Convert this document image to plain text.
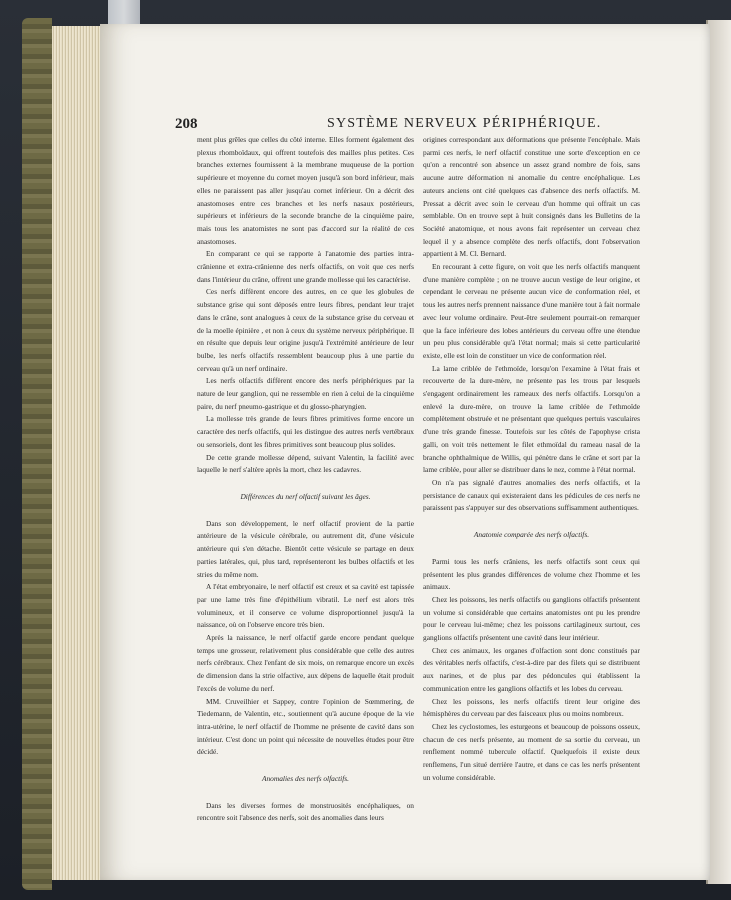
208	SYSTÈME NERVEUX PÉRIPHÉRIQUE.

ment plus grêles que celles du côté interne. Elles forment également des plexus rhomboïdaux, qui offrent toutefois des mailles plus petites. Ces branches externes fournissent à la membrane muqueuse de la portion supérieure et moyenne du cornet moyen jusqu'à son bord inférieur, mais elles ne paraissent pas aller jusqu'au cornet inférieur. On a décrit des anastomoses entre ces branches et les nerfs nasaux postérieurs, supérieurs et inférieurs de la seconde branche de la cinquième paire, mais tous les anatomistes ne sont pas d'accord sur la réalité de ces anastomoses.

En comparant ce qui se rapporte à l'anatomie des parties intra-crânienne et extra-crânienne des nerfs olfactifs, on voit que ces nerfs dans l'intérieur du crâne, offrent une grande mollesse qui les caractérise.

Ces nerfs diffèrent encore des autres, en ce que les globules de substance grise qui sont déposés entre leurs fibres, pendant leur trajet dans le crâne, sont analogues à ceux de la substance grise du cerveau et de la moelle épinière , et non à ceux du système nerveux périphérique. Il en résulte que depuis leur origine jusqu'à l'extrémité antérieure de leur bulbe, les nerfs olfactifs ressemblent beaucoup plus à une partie du cerveau qu'à un nerf ordinaire.

Les nerfs olfactifs diffèrent encore des nerfs périphériques par la nature de leur ganglion, qui ne ressemble en rien à celui de la cinquième paire, du nerf pneumo-gastrique et du glosso-pharyngien.

La mollesse très grande de leurs fibres primitives forme encore un caractère des nerfs olfactifs, qui les distingue des autres nerfs vertébraux ou sensoriels, dont les fibres primitives sont beaucoup plus solides.

De cette grande mollesse dépend, suivant Valentin, la facilité avec laquelle le nerf s'altère après la mort, chez les cadavres.

Différences du nerf olfactif suivant les âges.

Dans son développement, le nerf olfactif provient de la partie antérieure de la vésicule cérébrale, ou autrement dit, d'une vésicule antérieure qui s'en détache. Bientôt cette vésicule se partage en deux parties latérales, qui, plus tard, représenteront les bulbes olfactifs et les stries du même nom.

A l'état embryonaire, le nerf olfactif est creux et sa cavité est tapissée par une lame très fine d'épithélium vibratil. Le nerf est alors très volumineux, et il conserve ce volume disproportionnel jusqu'à la naissance, où on l'observe encore très bien.

Après la naissance, le nerf olfactif garde encore pendant quelque temps une grosseur, relativement plus considérable que celle des autres nerfs cérébraux. Chez l'enfant de six mois, on remarque encore un excès de dimension dans la strie olfactive, aux dépens de laquelle était produit l'excès de volume du nerf.

MM. Cruveilhier et Sappey, contre l'opinion de Sœmmering, de Tiedemann, de Valentin, etc., soutiennent qu'à aucune époque de la vie intra-utérine, le nerf olfactif de l'homme ne présente de cavité dans son intérieur. C'est donc un point qui nécessite de nouvelles études pour être décidé.

Anomalies des nerfs olfactifs.

Dans les diverses formes de monstruosités encéphaliques, on rencontre soit l'absence des nerfs, soit des anomalies dans leurs

origines correspondant aux déformations que présente l'encéphale. Mais parmi ces nerfs, le nerf olfactif constitue une sorte d'exception en ce qu'on a rencontré son absence un assez grand nombre de fois, sans aucune autre déformation ni anomalie du centre encéphalique. Les auteurs anciens ont cité quelques cas d'absence des nerfs olfactifs. M. Pressat a décrit avec soin le cerveau d'un homme qui offrait un cas semblable. On en trouve sept à huit consignés dans les Bulletins de la Société anatomique, et nous avons fait représenter un cerveau chez lequel il y a absence complète des nerfs olfactifs, dont l'observation appartient à M. Cl. Bernard.

En recourant à cette figure, on voit que les nerfs olfactifs manquent d'une manière complète ; on ne trouve aucun vestige de leur origine, et cependant le cerveau ne présente aucun vice de conformation réel, et tous les autres nerfs prennent naissance d'une manière tout à fait normale avec leur volume ordinaire. Peut-être seulement pourrait-on remarquer que la face inférieure des lobes antérieurs du cerveau offre une étendue un peu plus considérable qu'à l'état normal; mais si cette particularité existe, elle est loin de constituer un vice de conformation réel.

La lame criblée de l'ethmoïde, lorsqu'on l'examine à l'état frais et recouverte de la dure-mère, ne présente pas les trous par lesquels s'engagent ordinairement les rameaux des nerfs olfactifs. Lorsqu'on a enlevé la dure-mère, on trouve la lame criblée de l'ethmoïde complètement obstruée et ne présentant que quelques pertuis vasculaires d'une très grande finesse. Toutefois sur les côtés de l'apophyse crista galli, on voit très nettement le filet ethmoïdal du rameau nasal de la branche ophthalmique de Willis, qui pénètre dans le crâne et sort par la lame criblée, pour aller se distribuer dans le nez, comme à l'état normal.

On n'a pas signalé d'autres anomalies des nerfs olfactifs, et la persistance de canaux qui existeraient dans les pédicules de ces nerfs ne paraissent pas s'appuyer sur des observations suffisamment authentiques.

Anatomie comparée des nerfs olfactifs.

Parmi tous les nerfs crâniens, les nerfs olfactifs sont ceux qui présentent les plus grandes différences de volume chez l'homme et les animaux.

Chez les poissons, les nerfs olfactifs ou ganglions olfactifs présentent un volume si considérable que certains anatomistes ont pu les prendre pour le cerveau lui-même; chez les poissons cartilagineux surtout, ces ganglions olfactifs présentent une cavité dans leur intérieur.

Chez ces animaux, les organes d'olfaction sont donc constitués par des véritables nerfs olfactifs, c'est-à-dire par des filets qui se distribuent aux narines, et de plus par des pédoncules qui établissent la communication entre les ganglions olfactifs et les lobes du cerveau.

Chez les poissons, les nerfs olfactifs tirent leur origine des hémisphères du cerveau par des faisceaux plus ou moins nombreux.

Chez les cyclostomes, les esturgeons et beaucoup de poissons osseux, chacun de ces nerfs présente, au moment de sa sortie du cerveau, un renflement nommé tubercule olfactif. Quelquefois il existe deux renflemens, l'un situé derrière l'autre, et dans ce cas les nerfs présentent un volume considérable.
